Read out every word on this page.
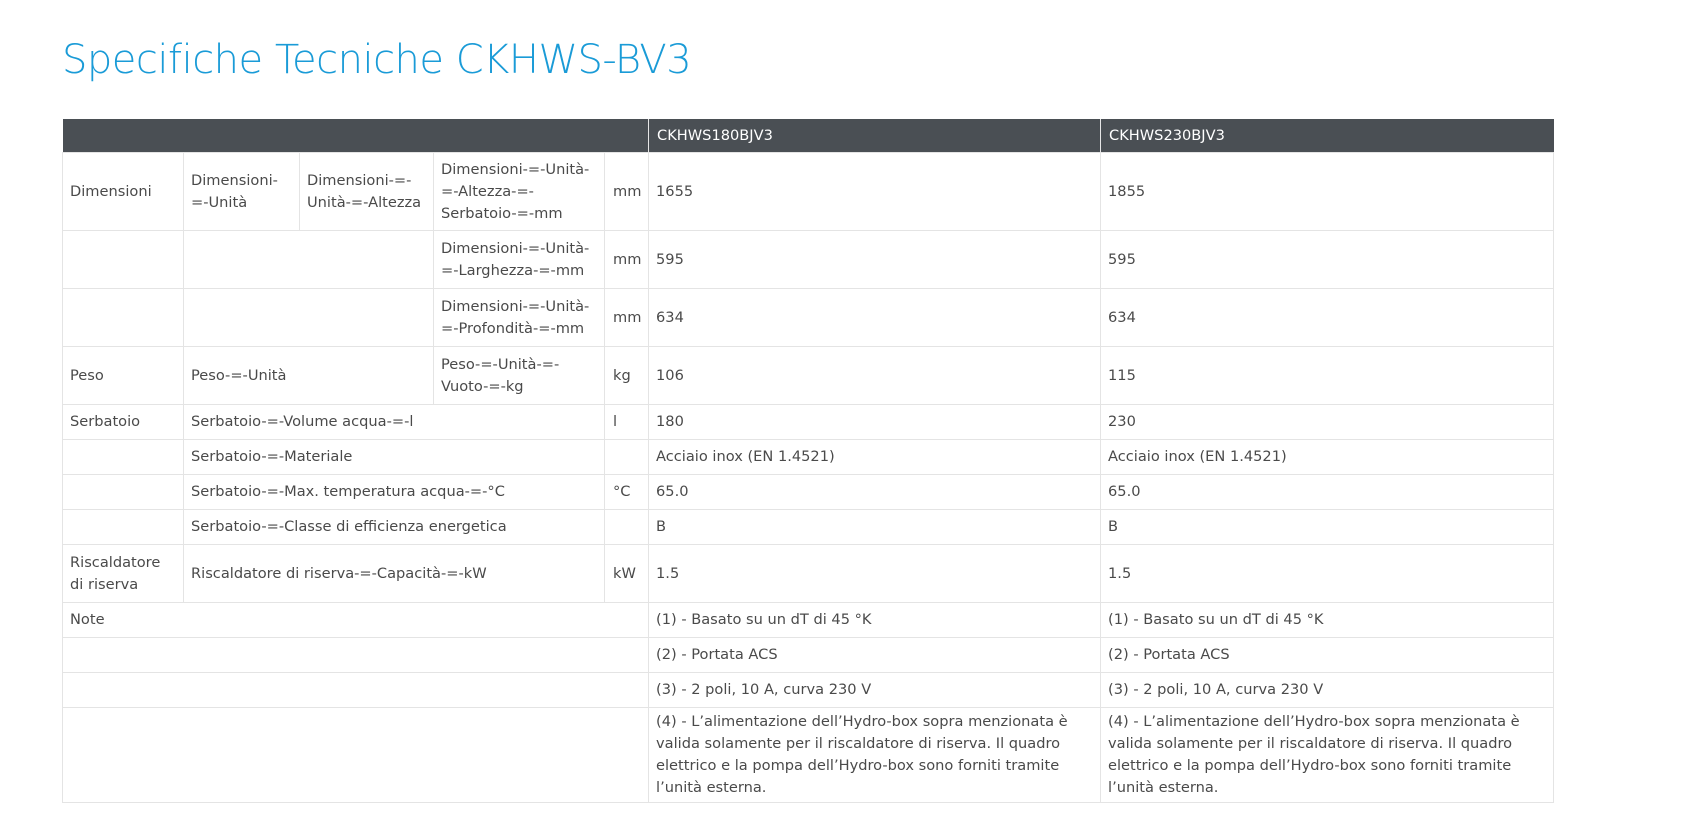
Specifiche Tecniche CKHWS-BV3
					CKHWS180BJV3	CKHWS230BJV3
Dimensioni	Dimensioni-=-Unità	Dimensioni-=-Unità-=-Altezza	Dimensioni-=-Unità-=-Altezza-=-Serbatoio-=-mm	mm	1655	1855
			Dimensioni-=-Unità-=-Larghezza-=-mm	mm	595	595
			Dimensioni-=-Unità-=-Profondità-=-mm	mm	634	634
Peso	Peso-=-Unità		Peso-=-Unità-=-Vuoto-=-kg	kg	106	115
Serbatoio	Serbatoio-=-Volume acqua-=-l			l	180	230
	Serbatoio-=-Materiale				Acciaio inox (EN 1.4521)	Acciaio inox (EN 1.4521)
	Serbatoio-=-Max. temperatura acqua-=-°C			°C	65.0	65.0
	Serbatoio-=-Classe di efficienza energetica				B	B
Riscaldatore di riserva	Riscaldatore di riserva-=-Capacità-=-kW			kW	1.5	1.5
Note					(1) - Basato su un dT di 45 °K	(1) - Basato su un dT di 45 °K
					(2) - Portata ACS	(2) - Portata ACS
					(3) - 2 poli, 10 A, curva 230 V	(3) - 2 poli, 10 A, curva 230 V
					(4) - L’alimentazione dell’Hydro-box sopra menzionata è valida solamente per il riscaldatore di riserva. Il quadro elettrico e la pompa dell’Hydro-box sono forniti tramite l’unità esterna.	(4) - L’alimentazione dell’Hydro-box sopra menzionata è valida solamente per il riscaldatore di riserva. Il quadro elettrico e la pompa dell’Hydro-box sono forniti tramite l’unità esterna.
